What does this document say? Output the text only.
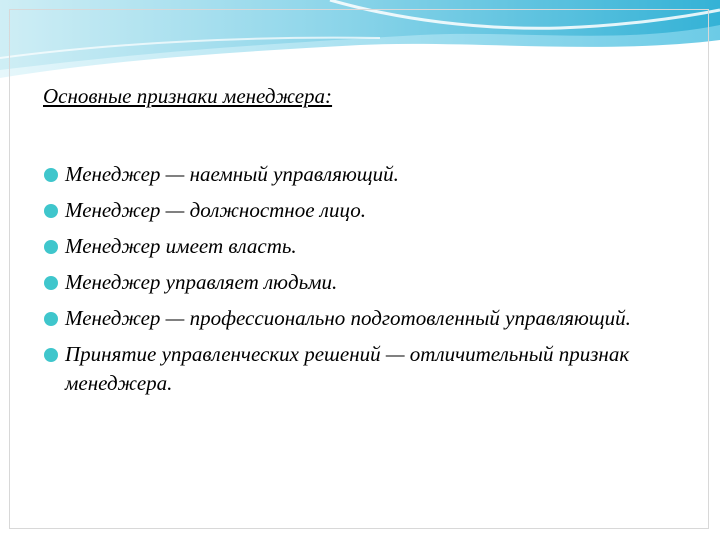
Основные признаки менеджера:
Менеджер — наемный управляющий.
Менеджер — должностное лицо.
Менеджер имеет власть.
Менеджер управляет людьми.
Менеджер — профессионально подготовленный управляющий.
Принятие управленческих решений — отличительный признак менеджера.
